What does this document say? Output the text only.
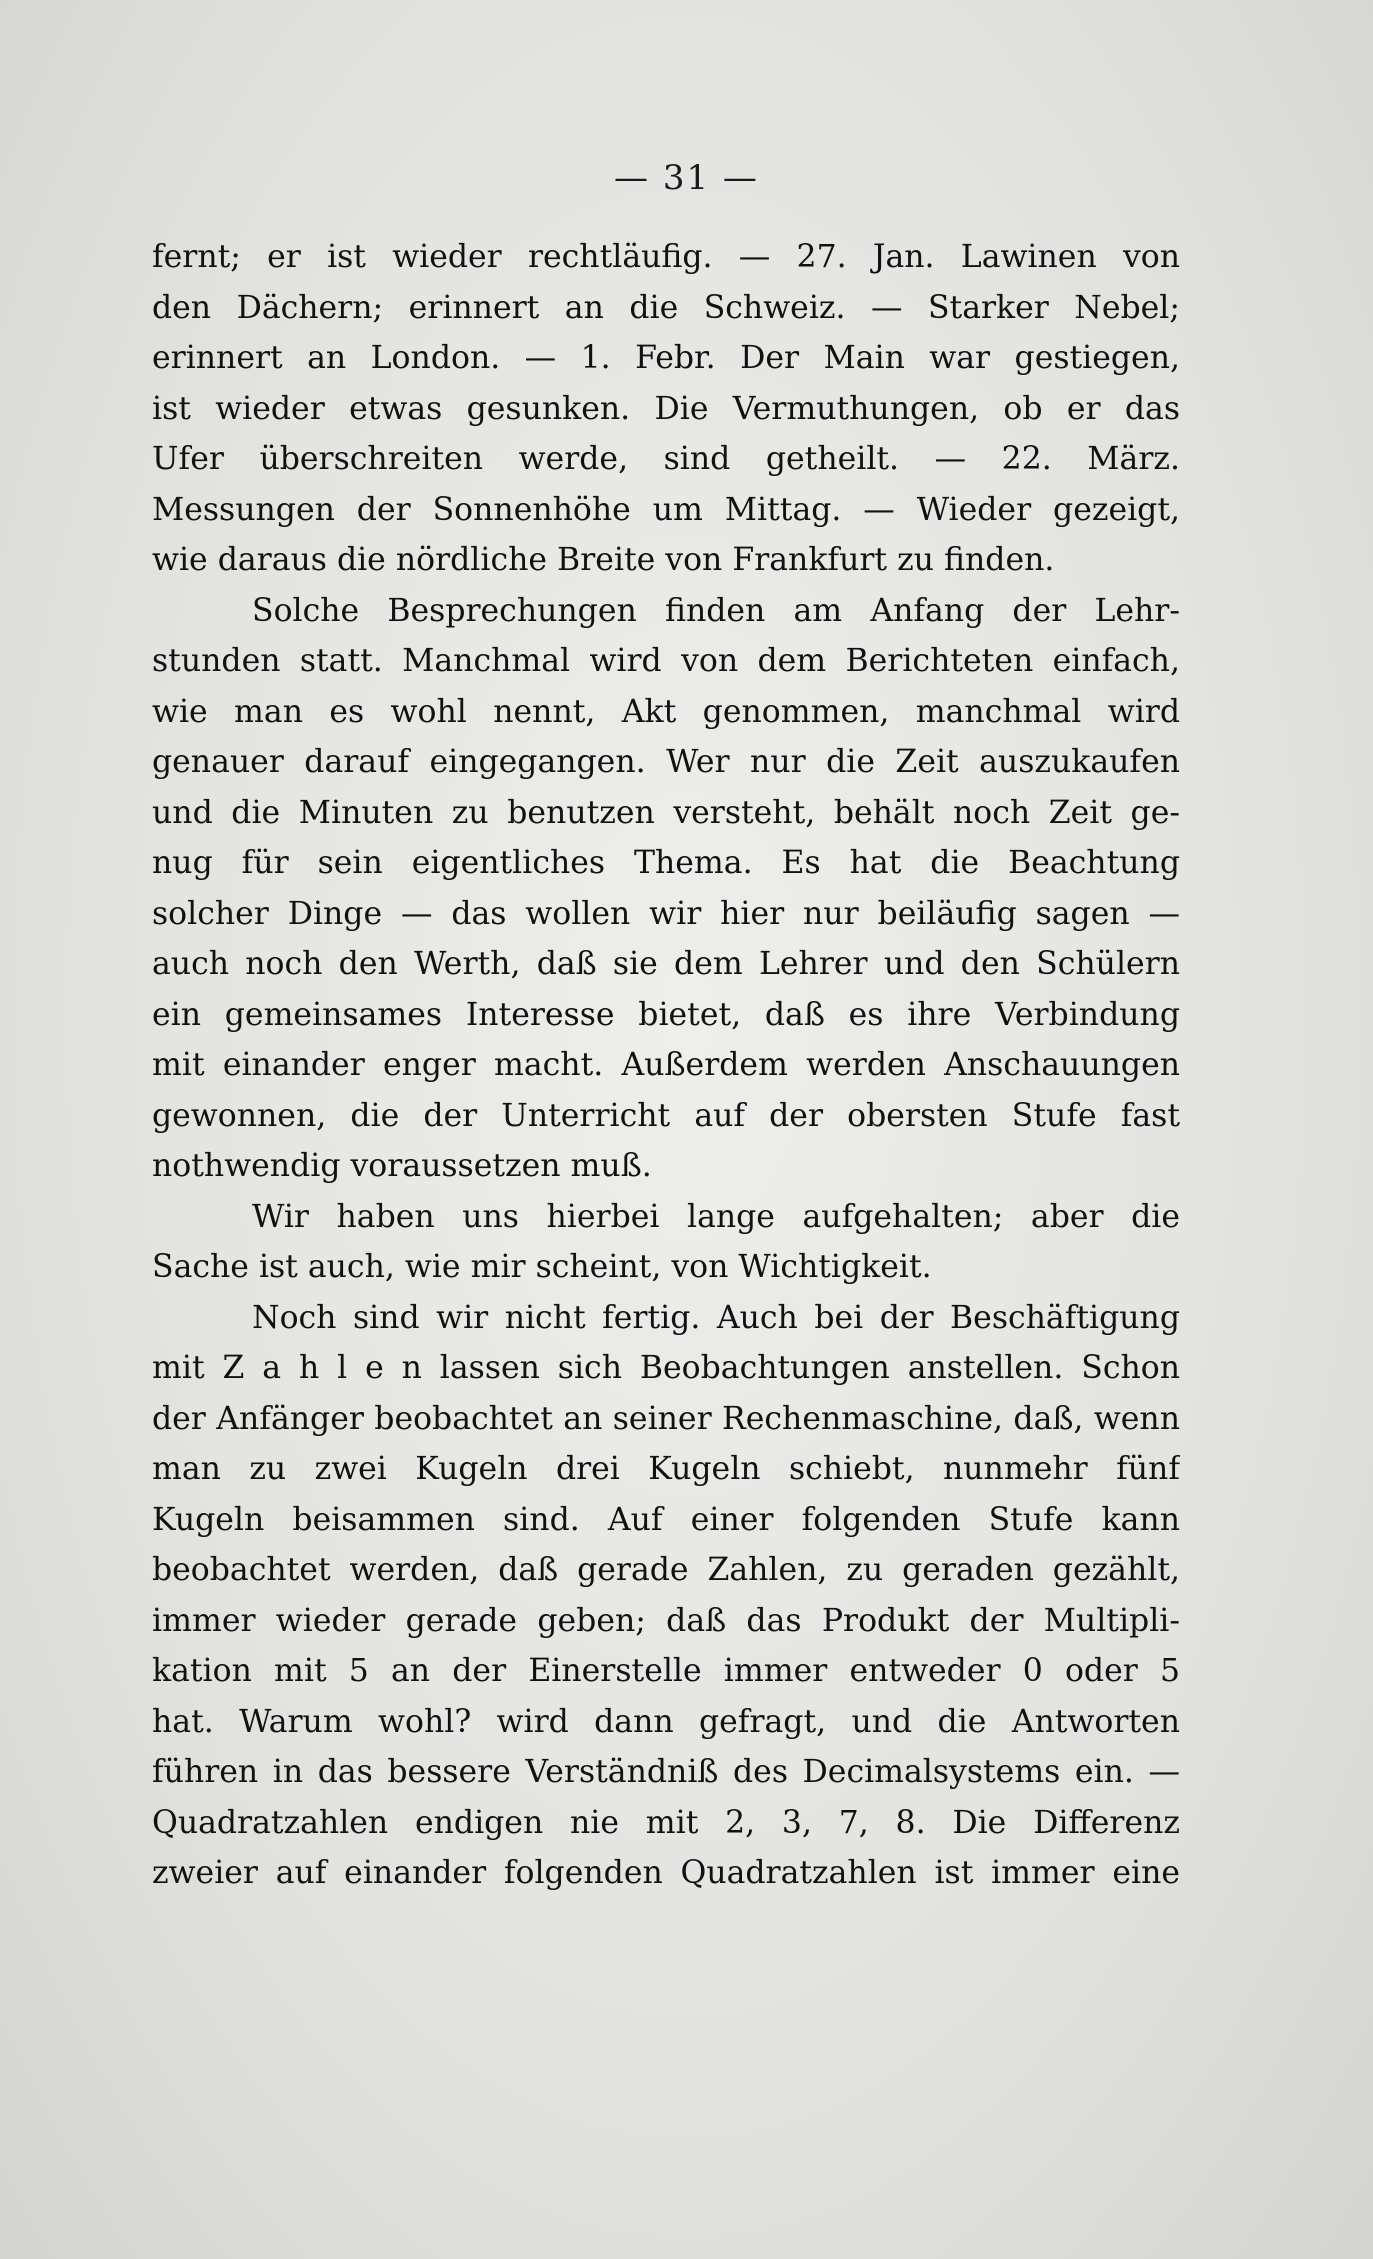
— 31 —
fernt; er ist wieder rechtläufig. — 27. Jan. Lawinen von
den Dächern; erinnert an die Schweiz. — Starker Nebel;
erinnert an London. — 1. Febr. Der Main war gestiegen,
ist wieder etwas gesunken. Die Vermuthungen, ob er das
Ufer überschreiten werde, sind getheilt. — 22. März.
Messungen der Sonnenhöhe um Mittag. — Wieder gezeigt,
wie daraus die nördliche Breite von Frankfurt zu finden.
Solche Besprechungen finden am Anfang der Lehr-
stunden statt. Manchmal wird von dem Berichteten einfach,
wie man es wohl nennt, Akt genommen, manchmal wird
genauer darauf eingegangen. Wer nur die Zeit auszukaufen
und die Minuten zu benutzen versteht, behält noch Zeit ge-
nug für sein eigentliches Thema. Es hat die Beachtung
solcher Dinge — das wollen wir hier nur beiläufig sagen —
auch noch den Werth, daß sie dem Lehrer und den Schülern
ein gemeinsames Interesse bietet, daß es ihre Verbindung
mit einander enger macht. Außerdem werden Anschauungen
gewonnen, die der Unterricht auf der obersten Stufe fast
nothwendig voraussetzen muß.
Wir haben uns hierbei lange aufgehalten; aber die
Sache ist auch, wie mir scheint, von Wichtigkeit.
Noch sind wir nicht fertig. Auch bei der Beschäftigung
mit Z a h l e n lassen sich Beobachtungen anstellen. Schon
der Anfänger beobachtet an seiner Rechenmaschine, daß, wenn
man zu zwei Kugeln drei Kugeln schiebt, nunmehr fünf
Kugeln beisammen sind. Auf einer folgenden Stufe kann
beobachtet werden, daß gerade Zahlen, zu geraden gezählt,
immer wieder gerade geben; daß das Produkt der Multipli-
kation mit 5 an der Einerstelle immer entweder 0 oder 5
hat. Warum wohl? wird dann gefragt, und die Antworten
führen in das bessere Verständniß des Decimalsystems ein. —
Quadratzahlen endigen nie mit 2, 3, 7, 8. Die Differenz
zweier auf einander folgenden Quadratzahlen ist immer eine
